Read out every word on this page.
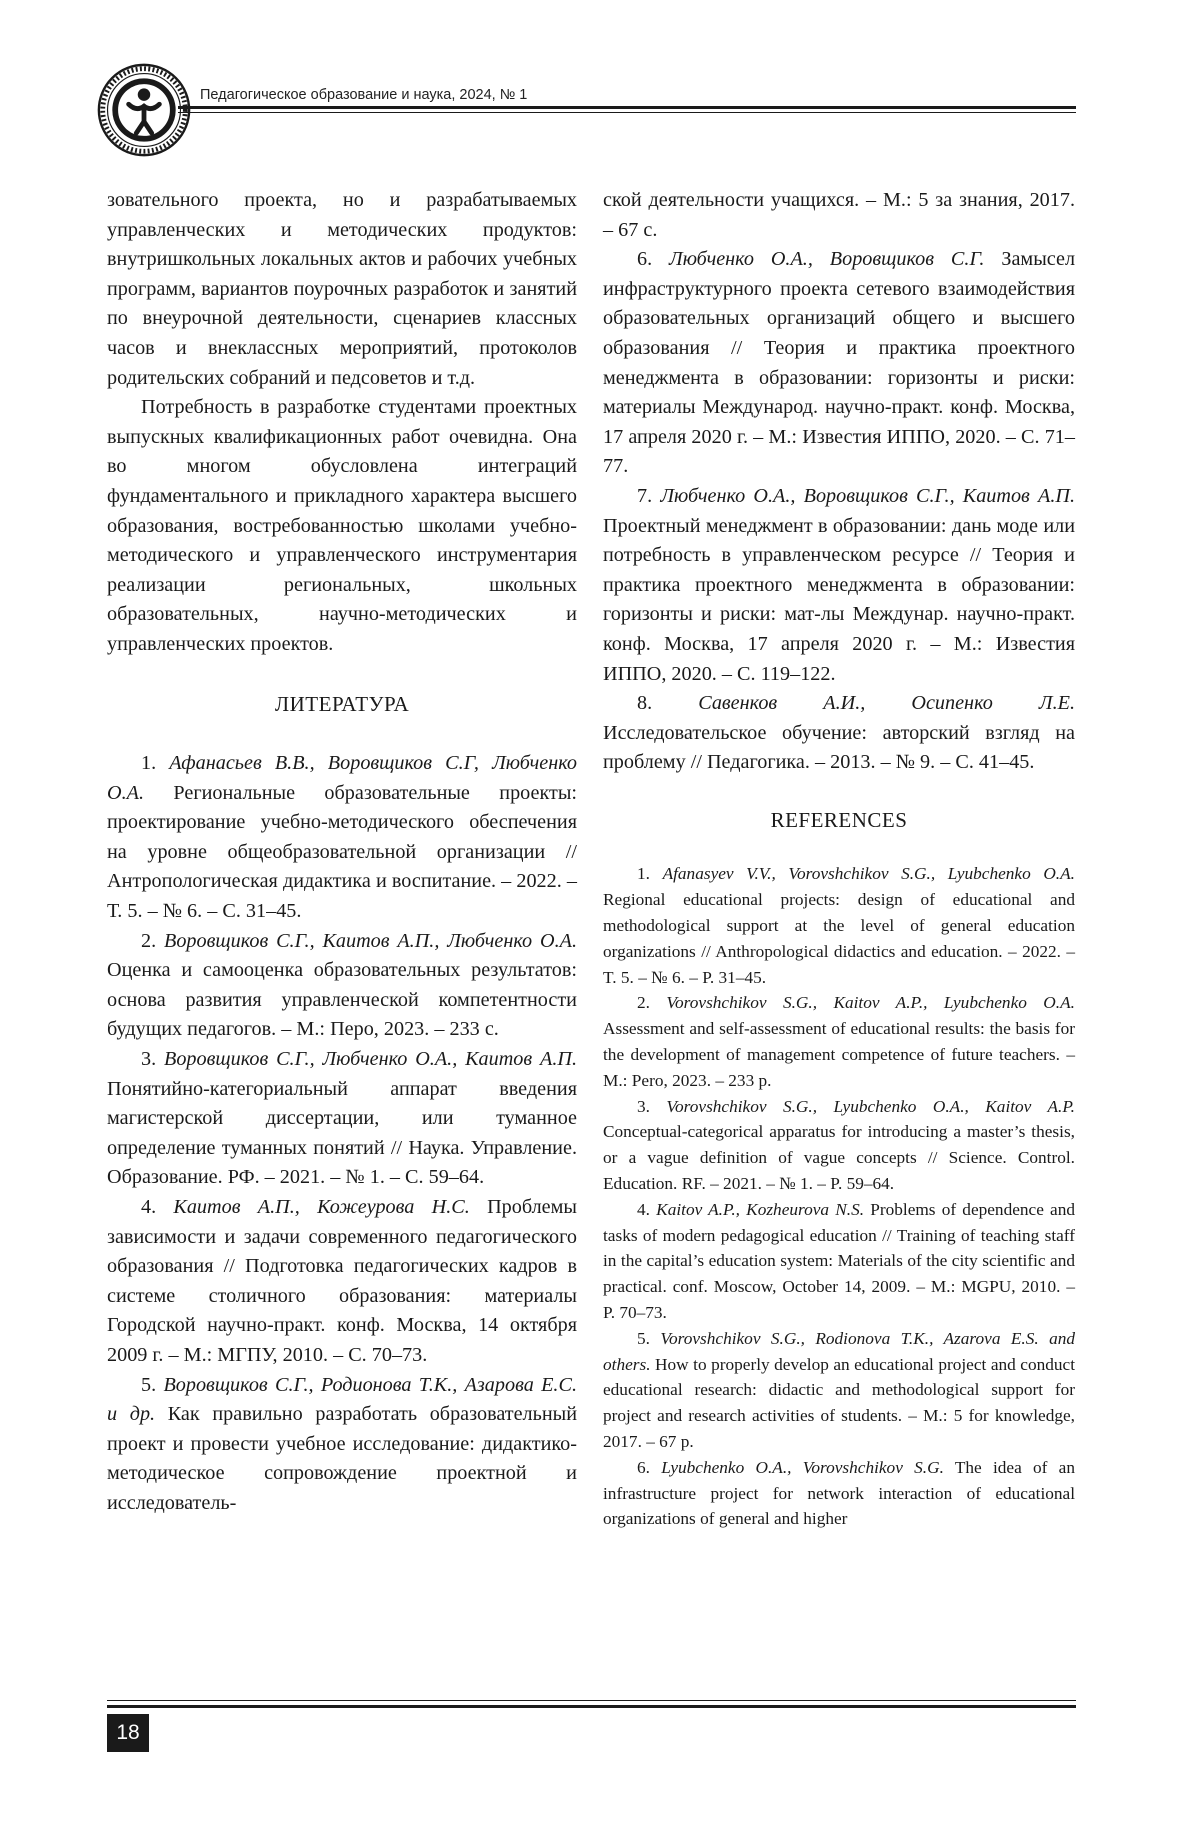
Педагогическое образование и наука, 2024, № 1

зовательного проекта, но и разрабатываемых управленческих и методических продуктов: внутришкольных локальных актов и рабочих учебных программ, вариантов поурочных разработок и занятий по внеурочной деятельности, сценариев классных часов и внеклассных мероприятий, протоколов родительских собраний и педсоветов и т.д.

Потребность в разработке студентами проектных выпускных квалификационных работ очевидна. Она во многом обусловлена интеграций фундаментального и прикладного характера высшего образования, востребованностью школами учебно-методического и управленческого инструментария реализации региональных, школьных образовательных, научно-методических и управленческих проектов.

ЛИТЕРАТУРА

1. Афанасьев В.В., Воровщиков С.Г, Любченко О.А. Региональные образовательные проекты: проектирование учебно-методического обеспечения на уровне общеобразовательной организации // Антропологическая дидактика и воспитание. – 2022. – Т. 5. – № 6. – С. 31–45.

2. Воровщиков С.Г., Каитов А.П., Любченко О.А. Оценка и самооценка образовательных результатов: основа развития управленческой компетентности будущих педагогов. – М.: Перо, 2023. – 233 с.

3. Воровщиков С.Г., Любченко О.А., Каитов А.П. Понятийно-категориальный аппарат введения магистерской диссертации, или туманное определение туманных понятий // Наука. Управление. Образование. РФ. – 2021. – № 1. – С. 59–64.

4. Каитов А.П., Кожеурова Н.С. Проблемы зависимости и задачи современного педагогического образования // Подготовка педагогических кадров в системе столичного образования: материалы Городской научно-практ. конф. Москва, 14 октября 2009 г. – М.: МГПУ, 2010. – С. 70–73.

5. Воровщиков С.Г., Родионова Т.К., Азарова Е.С. и др. Как правильно разработать образовательный проект и провести учебное исследование: дидактико-методическое сопровождение проектной и исследователь-

ской деятельности учащихся. – М.: 5 за знания, 2017. – 67 с.

6. Любченко О.А., Воровщиков С.Г. Замысел инфраструктурного проекта сетевого взаимодействия образовательных организаций общего и высшего образования // Теория и практика проектного менеджмента в образовании: горизонты и риски: материалы Международ. научно-практ. конф. Москва, 17 апреля 2020 г. – М.: Известия ИППО, 2020. – С. 71–77.

7. Любченко О.А., Воровщиков С.Г., Каитов А.П. Проектный менеджмент в образовании: дань моде или потребность в управленческом ресурсе // Теория и практика проектного менеджмента в образовании: горизонты и риски: мат-лы Междунар. научно-практ. конф. Москва, 17 апреля 2020 г. – М.: Известия ИППО, 2020. – С. 119–122.

8. Савенков А.И., Осипенко Л.Е. Исследовательское обучение: авторский взгляд на проблему // Педагогика. – 2013. – № 9. – С. 41–45.

REFERENCES

1. Afanasyev V.V., Vorovshchikov S.G., Lyubchenko O.A. Regional educational projects: design of educational and methodological support at the level of general education organizations // Anthropological didactics and education. – 2022. – T. 5. – № 6. – P. 31–45.

2. Vorovshchikov S.G., Kaitov A.P., Lyubchenko O.A. Assessment and self-assessment of educational results: the basis for the development of management competence of future teachers. – M.: Pero, 2023. – 233 p.

3. Vorovshchikov S.G., Lyubchenko O.A., Kaitov A.P. Conceptual-categorical apparatus for introducing a master’s thesis, or a vague definition of vague concepts // Science. Control. Education. RF. – 2021. – № 1. – P. 59–64.

4. Kaitov A.P., Kozheurova N.S. Problems of dependence and tasks of modern pedagogical education // Training of teaching staff in the capital’s education system: Materials of the city scientific and practical. conf. Moscow, October 14, 2009. – M.: MGPU, 2010. – P. 70–73.

5. Vorovshchikov S.G., Rodionova T.K., Azarova E.S. and others. How to properly develop an educational project and conduct educational research: didactic and methodological support for project and research activities of students. – M.: 5 for knowledge, 2017. – 67 p.

6. Lyubchenko O.A., Vorovshchikov S.G. The idea of an infrastructure project for network interaction of educational organizations of general and higher

18
